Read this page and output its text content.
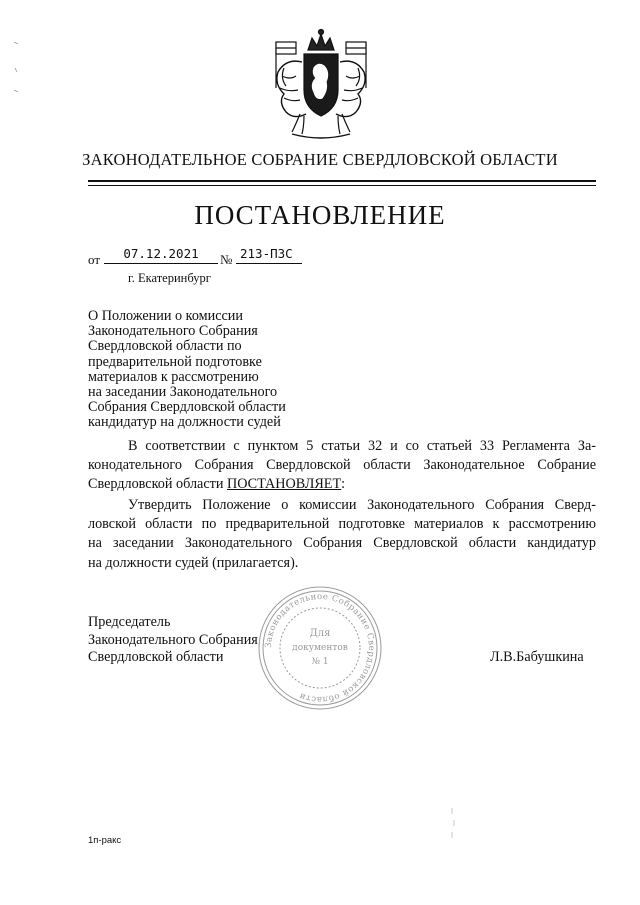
ЗАКОНОДАТЕЛЬНОЕ СОБРАНИЕ СВЕРДЛОВСКОЙ ОБЛАСТИ
ПОСТАНОВЛЕНИЕ
от	07.12.2021	№ 213-ПЗС
г. Екатеринбург
О Положении о комиссии
Законодательного Собрания
Свердловской области по
предварительной подготовке
материалов к рассмотрению
на заседании Законодательного
Собрания Свердловской области
кандидатур на должности судей
В соответствии с пунктом 5 статьи 32 и со статьей 33 Регламента За-
конодательного Собрания Свердловской области Законодательное Собрание
Свердловской области ПОСТАНОВЛЯЕТ:
Утвердить Положение о комиссии Законодательного Собрания Сверд-
ловской области по предварительной подготовке материалов к рассмотрению
на заседании Законодательного Собрания Свердловской области кандидатур
на должности судей (прилагается).
Законодательное Собрание Свердловской области
Для
документов
№ 1
Председатель
Законодательного Собрания
Свердловской области	Л.В.Бабушкина
1п-ракс
